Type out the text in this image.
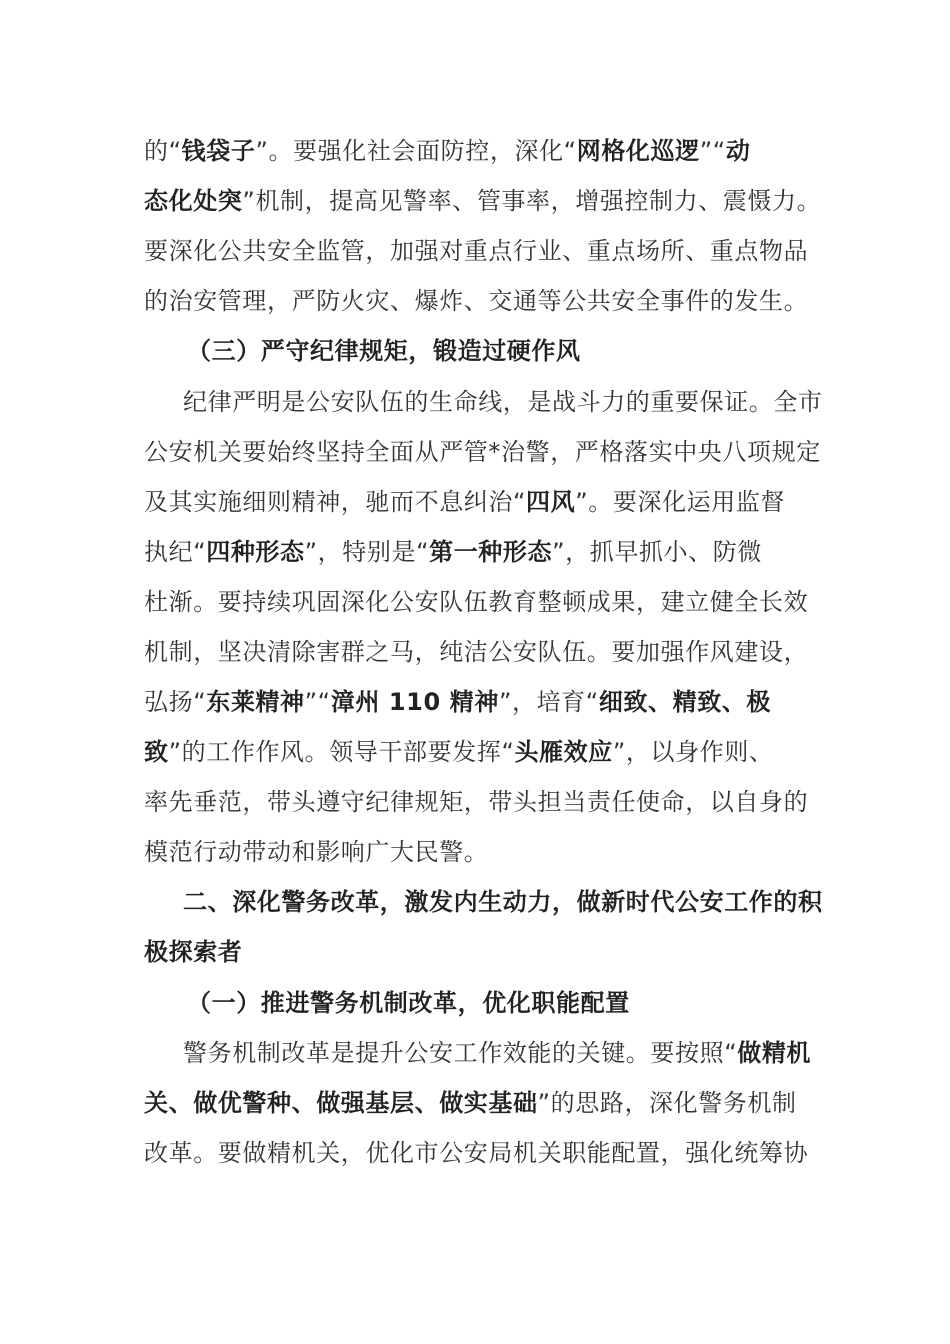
的“钱袋子”。要强化社会面防控，深化“网格化巡逻”“动
态化处突”机制，提高见警率、管事率，增强控制力、震慑力。
要深化公共安全监管，加强对重点行业、重点场所、重点物品
的治安管理，严防火灾、爆炸、交通等公共安全事件的发生。
（三）严守纪律规矩，锻造过硬作风
纪律严明是公安队伍的生命线，是战斗力的重要保证。全市
公安机关要始终坚持全面从严管*治警，严格落实中央八项规定
及其实施细则精神，驰而不息纠治“四风”。要深化运用监督
执纪“四种形态”，特别是“第一种形态”，抓早抓小、防微
杜渐。要持续巩固深化公安队伍教育整顿成果，建立健全长效
机制，坚决清除害群之马，纯洁公安队伍。要加强作风建设，
弘扬“东莱精神”“漳州 110 精神”，培育“细致、精致、极
致”的工作作风。领导干部要发挥“头雁效应”，以身作则、
率先垂范，带头遵守纪律规矩，带头担当责任使命，以自身的
模范行动带动和影响广大民警。
二、深化警务改革，激发内生动力，做新时代公安工作的积
极探索者
（一）推进警务机制改革，优化职能配置
警务机制改革是提升公安工作效能的关键。要按照“做精机
关、做优警种、做强基层、做实基础”的思路，深化警务机制
改革。要做精机关，优化市公安局机关职能配置，强化统筹协
